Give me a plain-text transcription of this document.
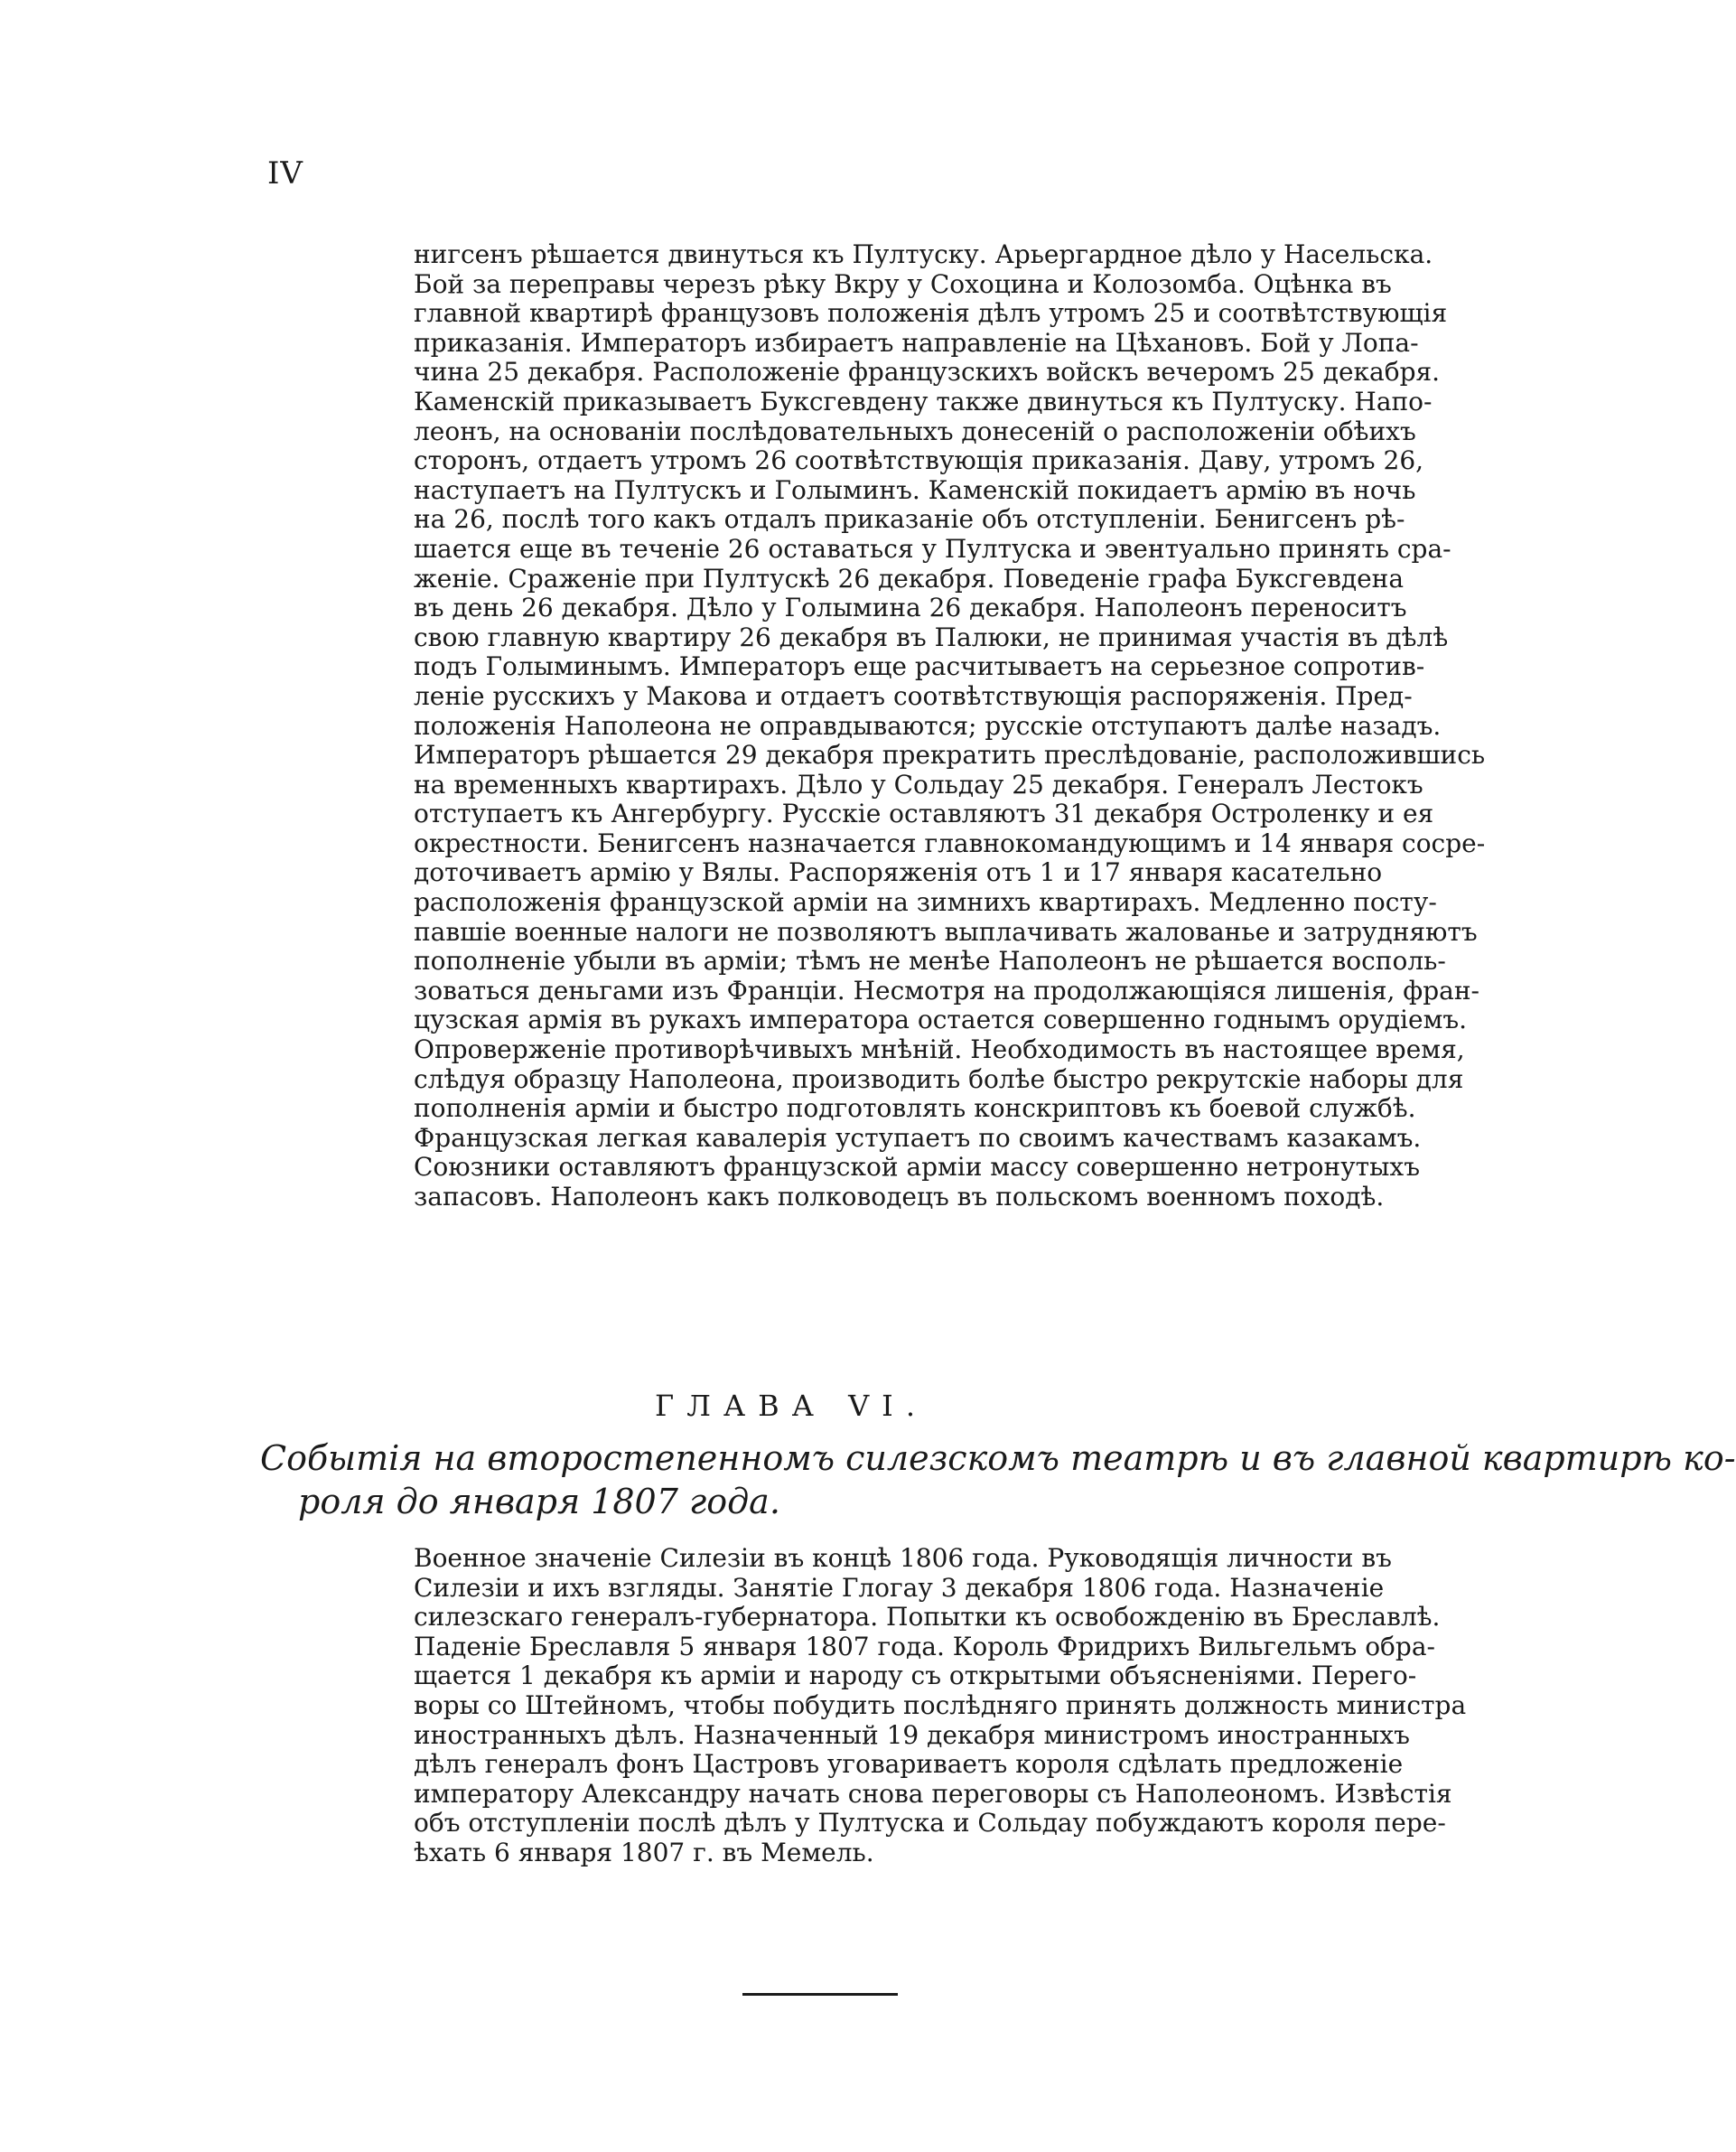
IV
нигсенъ рѣшается двинуться къ Пултуску. Арьергардное дѣло у Насельска.
Бой за переправы черезъ рѣку Вкру у Сохоцина и Колозомба. Оцѣнка въ
главной квартирѣ французовъ положенія дѣлъ утромъ 25 и соотвѣтствующія
приказанія. Императоръ избираетъ направленіе на Цѣхановъ. Бой у Лопа-
чина 25 декабря. Расположеніе французскихъ войскъ вечеромъ 25 декабря.
Каменскій приказываетъ Буксгевдену также двинуться къ Пултуску. Напо-
леонъ, на основаніи послѣдовательныхъ донесеній о расположеніи обѣихъ
сторонъ, отдаетъ утромъ 26 соотвѣтствующія приказанія. Даву, утромъ 26,
наступаетъ на Пултускъ и Голыминъ. Каменскій покидаетъ армію въ ночь
на 26, послѣ того какъ отдалъ приказаніе объ отступленіи. Бенигсенъ рѣ-
шается еще въ теченіе 26 оставаться у Пултуска и эвентуально принять сра-
женіе. Сраженіе при Пултускѣ 26 декабря. Поведеніе графа Буксгевдена
въ день 26 декабря. Дѣло у Голымина 26 декабря. Наполеонъ переноситъ
свою главную квартиру 26 декабря въ Палюки, не принимая участія въ дѣлѣ
подъ Голыминымъ. Императоръ еще расчитываетъ на серьезное сопротив-
леніе русскихъ у Макова и отдаетъ соотвѣтствующія распоряженія. Пред-
положенія Наполеона не оправдываются; русскіе отступаютъ далѣе назадъ.
Императоръ рѣшается 29 декабря прекратить преслѣдованіе, расположившись
на временныхъ квартирахъ. Дѣло у Сольдау 25 декабря. Генералъ Лестокъ
отступаетъ къ Ангербургу. Русскіе оставляютъ 31 декабря Остроленку и ея
окрестности. Бенигсенъ назначается главнокомандующимъ и 14 января сосре-
доточиваетъ армію у Вялы. Распоряженія отъ 1 и 17 января касательно
расположенія французской арміи на зимнихъ квартирахъ. Медленно посту-
павшіе военные налоги не позволяютъ выплачивать жалованье и затрудняютъ
пополненіе убыли въ арміи; тѣмъ не менѣе Наполеонъ не рѣшается восполь-
зоваться деньгами изъ Франціи. Несмотря на продолжающіяся лишенія, фран-
цузская армія въ рукахъ императора остается совершенно годнымъ орудіемъ.
Опроверженіе противорѣчивыхъ мнѣній. Необходимость въ настоящее время,
слѣдуя образцу Наполеона, производить болѣе быстро рекрутскіе наборы для
пополненія арміи и быстро подготовлять конскриптовъ къ боевой службѣ.
Французская легкая кавалерія уступаетъ по своимъ качествамъ казакамъ.
Союзники оставляютъ французской арміи массу совершенно нетронутыхъ
запасовъ. Наполеонъ какъ полководецъ въ польскомъ военномъ походѣ.
ГЛАВА VI.
Событія на второстепенномъ силезскомъ театрѣ и въ главной квартирѣ ко-
роля до января 1807 года.
Военное значеніе Силезіи въ концѣ 1806 года. Руководящія личности въ
Силезіи и ихъ взгляды. Занятіе Глогау 3 декабря 1806 года. Назначеніе
силезскаго генералъ-губернатора. Попытки къ освобожденію въ Бреславлѣ.
Паденіе Бреславля 5 января 1807 года. Король Фридрихъ Вильгельмъ обра-
щается 1 декабря къ арміи и народу съ открытыми объясненіями. Перего-
воры со Штейномъ, чтобы побудить послѣдняго принять должность министра
иностранныхъ дѣлъ. Назначенный 19 декабря министромъ иностранныхъ
дѣлъ генералъ фонъ Цастровъ уговариваетъ короля сдѣлать предложеніе
императору Александру начать снова переговоры съ Наполеономъ. Извѣстія
объ отступленіи послѣ дѣлъ у Пултуска и Сольдау побуждаютъ короля пере-
ѣхать 6 января 1807 г. въ Мемель.
